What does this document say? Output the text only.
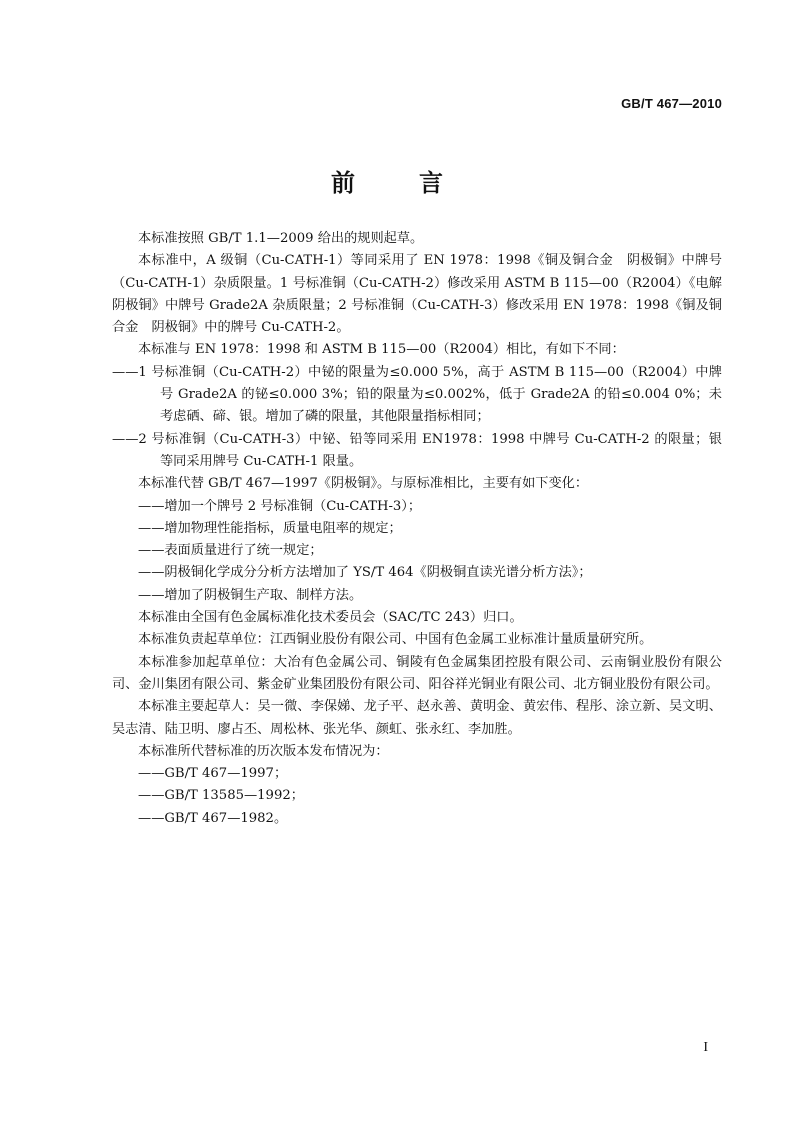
GB/T 467—2010
前　言

本标准按照 GB/T 1.1—2009 给出的规则起草。

本标准中，A 级铜（Cu-CATH-1）等同采用了 EN 1978：1998《铜及铜合金　阴极铜》中牌号（Cu-CATH-1）杂质限量。1 号标准铜（Cu-CATH-2）修改采用 ASTM B 115—00（R2004）《电解阴极铜》中牌号 Grade2A 杂质限量；2 号标准铜（Cu-CATH-3）修改采用 EN 1978：1998《铜及铜合金　阴极铜》中的牌号 Cu-CATH-2。

本标准与 EN 1978：1998 和 ASTM B 115—00（R2004）相比，有如下不同：

——1 号标准铜（Cu-CATH-2）中铋的限量为≤0.000 5%，高于 ASTM B 115—00（R2004）中牌号 Grade2A 的铋≤0.000 3%；铅的限量为≤0.002%，低于 Grade2A 的铅≤0.004 0%；未考虑硒、碲、银。增加了磷的限量，其他限量指标相同；

——2 号标准铜（Cu-CATH-3）中铋、铅等同采用 EN1978：1998 中牌号 Cu-CATH-2 的限量；银等同采用牌号 Cu-CATH-1 限量。

本标准代替 GB/T 467—1997《阴极铜》。与原标准相比，主要有如下变化：

——增加一个牌号 2 号标准铜（Cu-CATH-3）；

——增加物理性能指标，质量电阻率的规定；

——表面质量进行了统一规定；

——阴极铜化学成分分析方法增加了 YS/T 464《阴极铜直读光谱分析方法》；

——增加了阴极铜生产取、制样方法。

本标准由全国有色金属标准化技术委员会（SAC/TC 243）归口。

本标准负责起草单位：江西铜业股份有限公司、中国有色金属工业标准计量质量研究所。

本标准参加起草单位：大冶有色金属公司、铜陵有色金属集团控股有限公司、云南铜业股份有限公司、金川集团有限公司、紫金矿业集团股份有限公司、阳谷祥光铜业有限公司、北方铜业股份有限公司。

本标准主要起草人：吴一微、李保娣、龙子平、赵永善、黄明金、黄宏伟、程彤、涂立新、吴文明、吴志清、陆卫明、廖占丕、周松林、张光华、颜虹、张永红、李加胜。

本标准所代替标准的历次版本发布情况为：

——GB/T 467—1997；

——GB/T 13585—1992；

——GB/T 467—1982。

I
